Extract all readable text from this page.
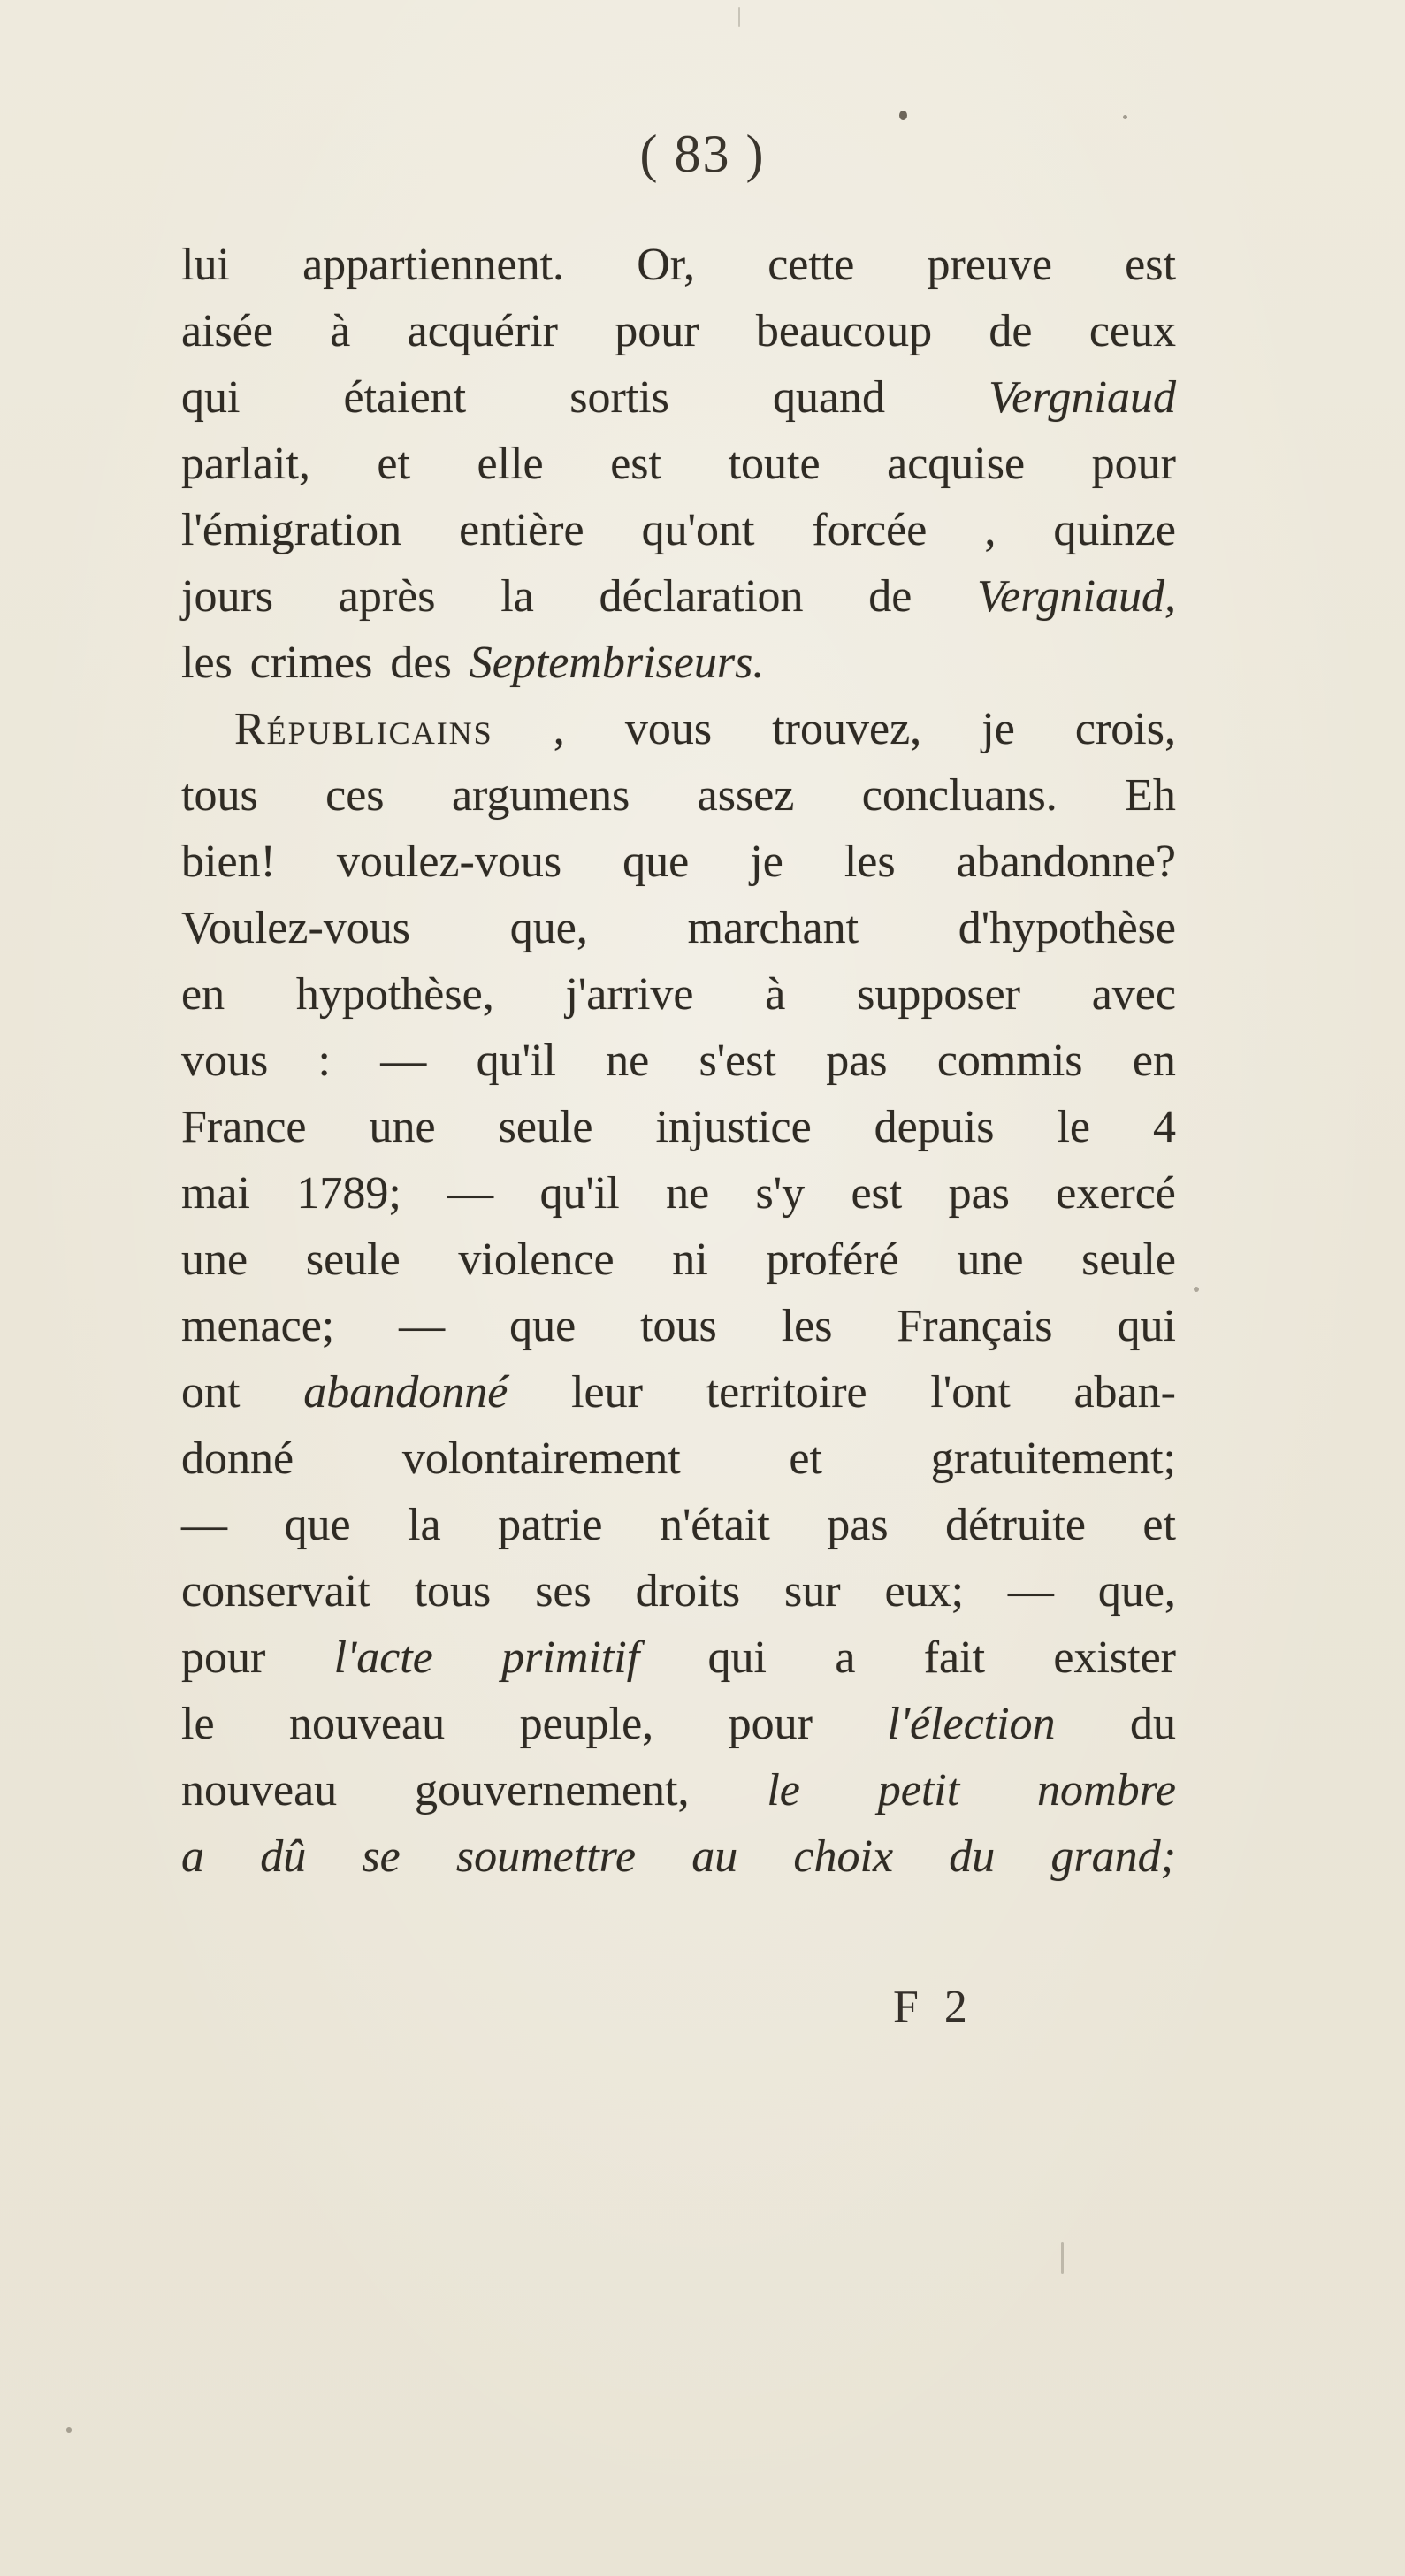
( 83 )
lui appartiennent. Or, cette preuve est
aisée à acquérir pour beaucoup de ceux
qui étaient sortis quand Vergniaud
parlait, et elle est toute acquise pour
l'émigration entière qu'ont forcée , quinze
jours après la déclaration de Vergniaud,
les crimes des Septembriseurs.
Républicains , vous trouvez, je crois,
tous ces argumens assez concluans. Eh
bien! voulez-vous que je les abandonne?
Voulez-vous que, marchant d'hypothèse
en hypothèse, j'arrive à supposer avec
vous : — qu'il ne s'est pas commis en
France une seule injustice depuis le 4
mai 1789; — qu'il ne s'y est pas exercé
une seule violence ni proféré une seule
menace; — que tous les Français qui
ont abandonné leur territoire l'ont aban-
donné volontairement et gratuitement;
— que la patrie n'était pas détruite et
conservait tous ses droits sur eux; — que,
pour l'acte primitif qui a fait exister
le nouveau peuple, pour l'élection du
nouveau gouvernement, le petit nombre
a dû se soumettre au choix du grand;
F 2
